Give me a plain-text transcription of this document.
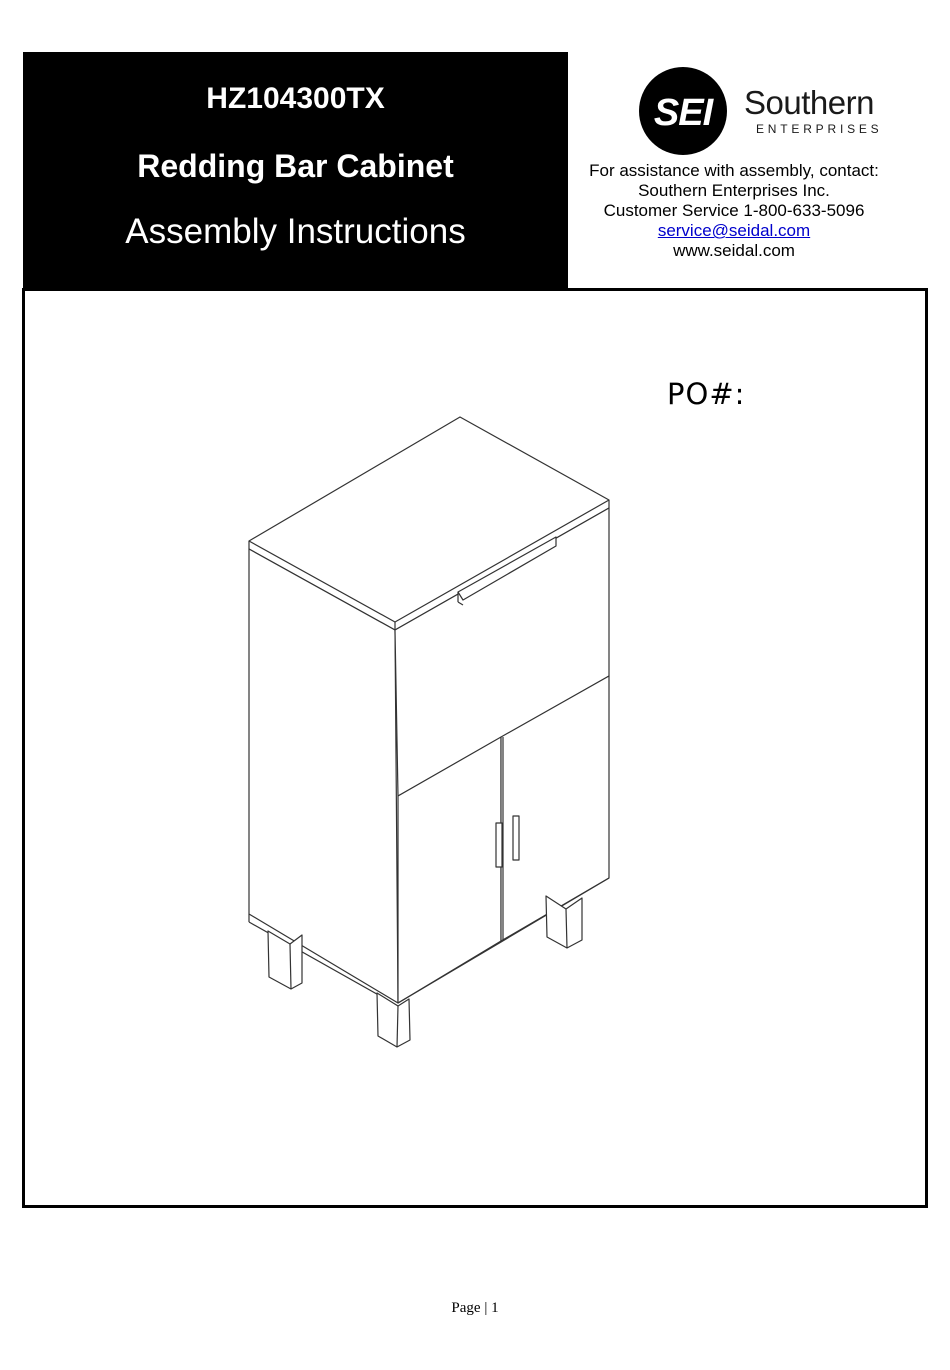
HZ104300TX
Redding Bar Cabinet
Assembly Instructions
SEI Southern
ENTERPRISES
For assistance with assembly, contact:
Southern Enterprises Inc.
Customer Service 1-800-633-5096
service@seidal.com
www.seidal.com
PO#:
Page | 1
